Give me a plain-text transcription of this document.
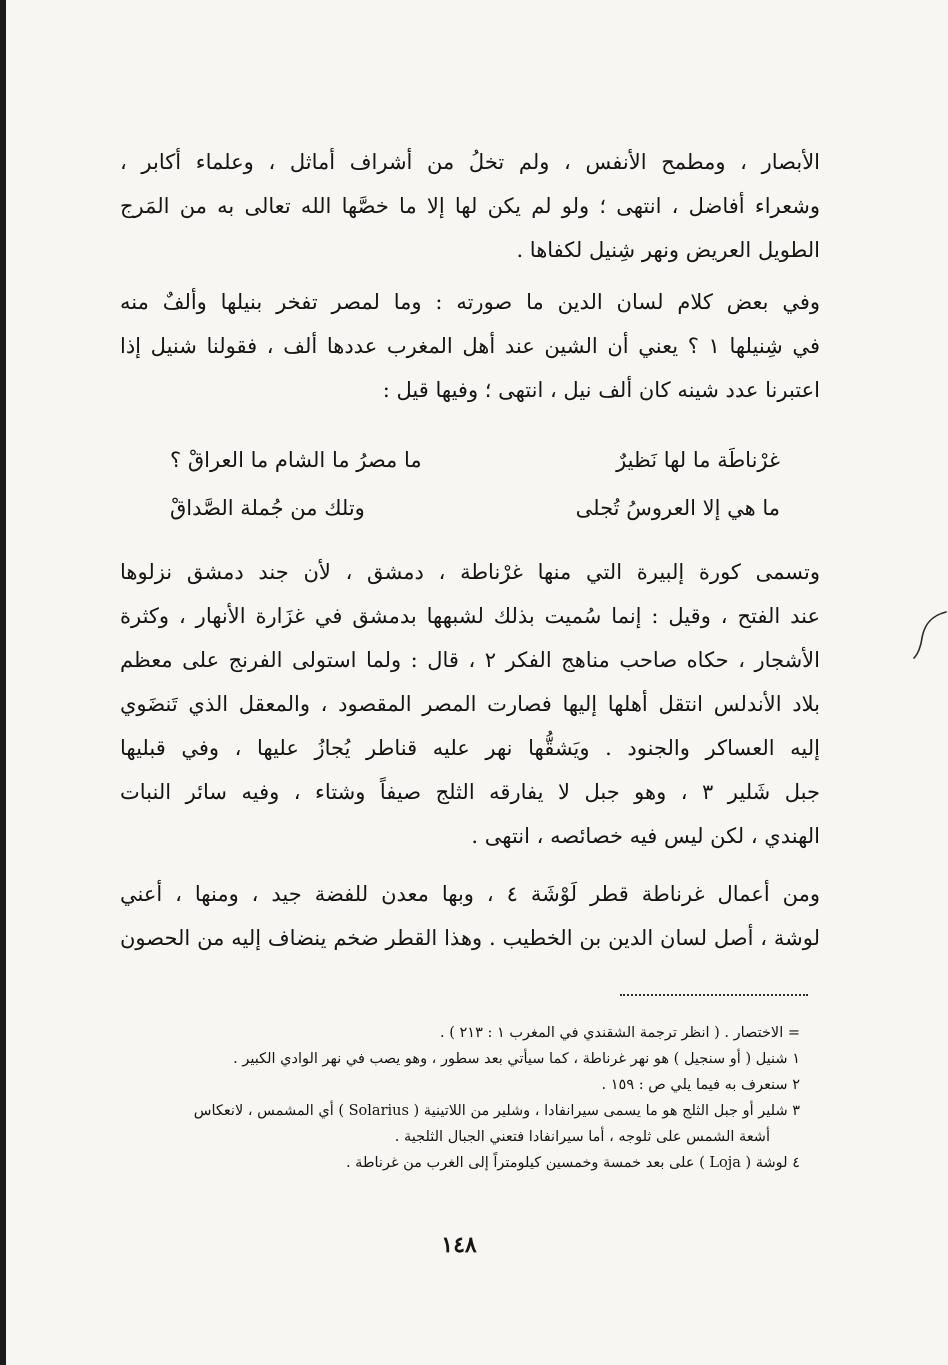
الأبصار ، ومطمح الأنفس ، ولم تخلُ من أشراف أماثل ، وعلماء أكابر ،
وشعراء أفاضل ، انتهى ؛ ولو لم يكن لها إلا ما خصَّها الله تعالى به من المَرج
الطويل العريض ونهر شِنيل لكفاها .
وفي بعض كلام لسان الدين ما صورته : وما لمصر تفخر بنيلها وألفٌ منه
في شِنيلها ١ ؟ يعني أن الشين عند أهل المغرب عددها ألف ، فقولنا شنيل إذا
اعتبرنا عدد شينه كان ألف نيل ، انتهى ؛ وفيها قيل :
غرْناطَة ما لها نَظيرٌ
ما مصرُ ما الشام ما العراقْ ؟
ما هي إلا العروسُ تُجلى
وتلك من جُملة الصَّداقْ
وتسمى كورة إلبيرة التي منها غرْناطة ، دمشق ، لأن جند دمشق نزلوها
عند الفتح ، وقيل : إنما سُميت بذلك لشبهها بدمشق في غزَارة الأنهار ، وكثرة
الأشجار ، حكاه صاحب مناهج الفكر ٢ ، قال : ولما استولى الفرنج على معظم
بلاد الأندلس انتقل أهلها إليها فصارت المصر المقصود ، والمعقل الذي تَنضَوي
إليه العساكر والجنود . ويَشقُّها نهر عليه قناطر يُجازُ عليها ، وفي قبليها
جبل شَلير ٣ ، وهو جبل لا يفارقه الثلج صيفاً وشتاء ، وفيه سائر النبات
الهندي ، لكن ليس فيه خصائصه ، انتهى .
ومن أعمال غرناطة قطر لَوْشَة ٤ ، وبها معدن للفضة جيد ، ومنها ، أعني
لوشة ، أصل لسان الدين بن الخطيب . وهذا القطر ضخم ينضاف إليه من الحصون
= الاختصار . ( انظر ترجمة الشقندي في المغرب ١ : ٢١٣ ) .
١ شنيل ( أو سنجيل ) هو نهر غرناطة ، كما سيأتي بعد سطور ، وهو يصب في نهر الوادي الكبير .
٢ سنعرف به فيما يلي ص : ١٥٩ .
٣ شلير أو جبل الثلج هو ما يسمى سيرانفادا ، وشلير من اللاتينية ( Solarius ) أي المشمس ، لانعكاس
أشعة الشمس على ثلوجه ، أما سيرانفادا فتعني الجبال الثلجية .
٤ لوشة ( Loja ) على بعد خمسة وخمسين كيلومتراً إلى الغرب من غرناطة .
١٤٨
